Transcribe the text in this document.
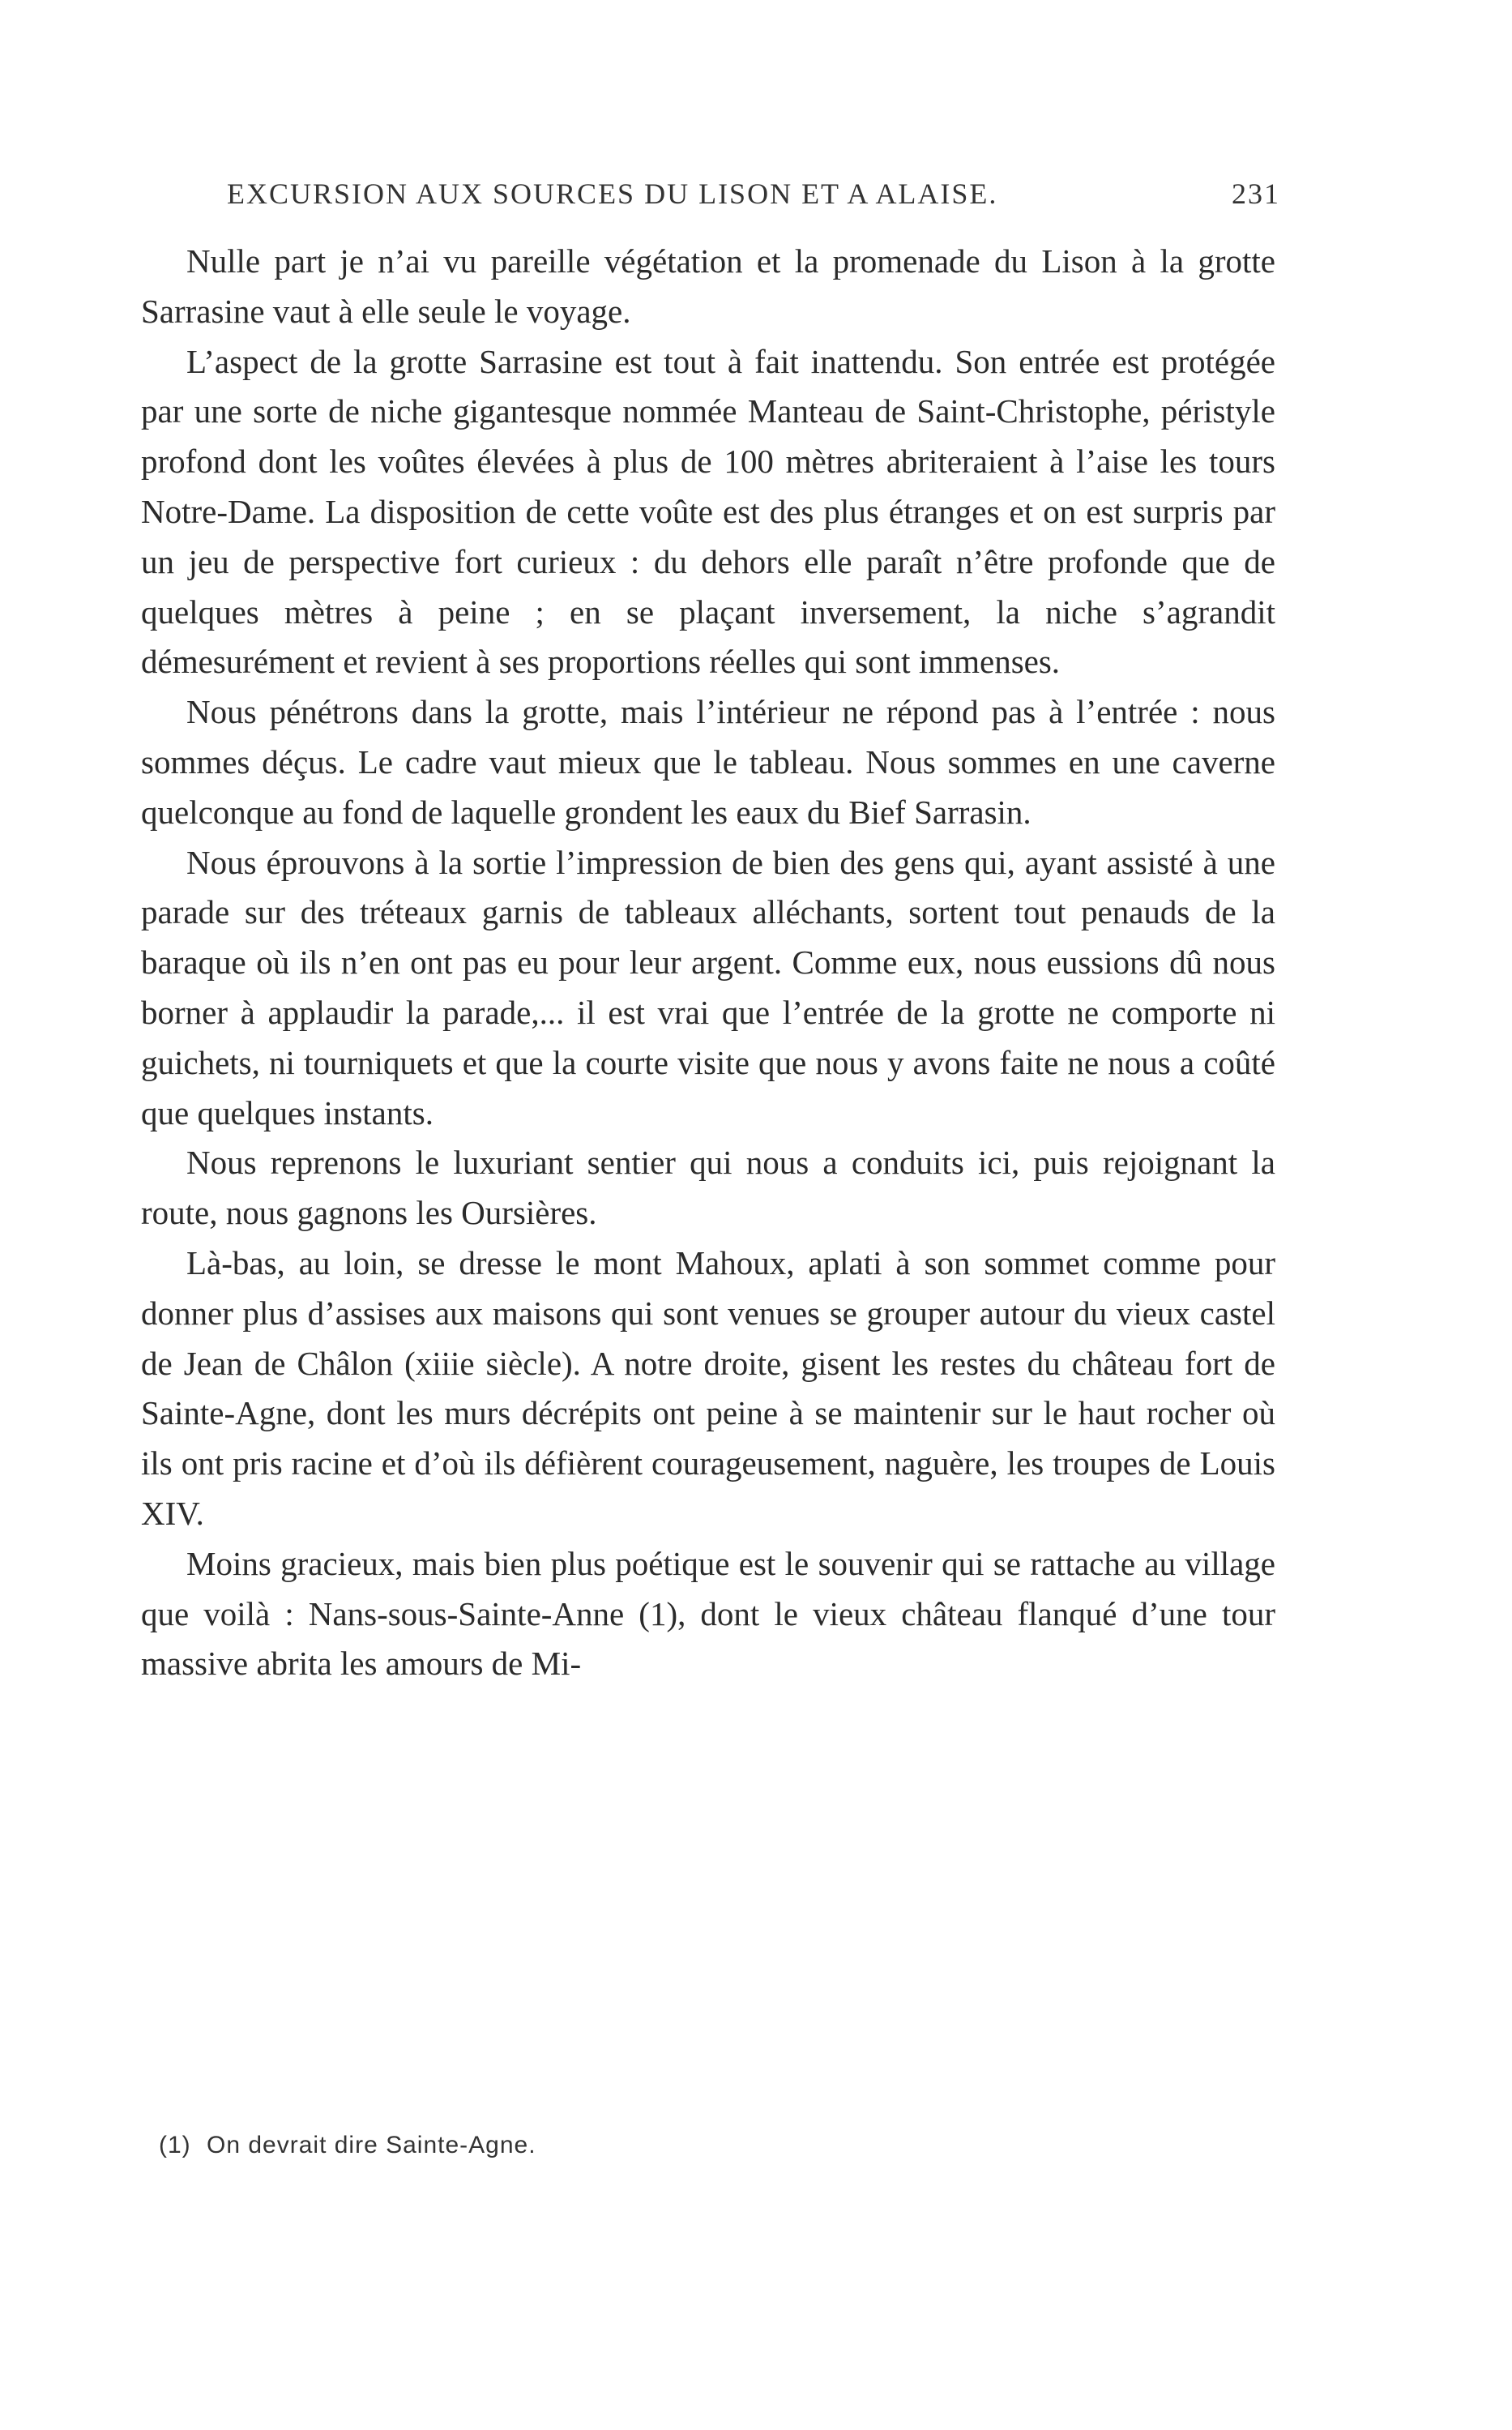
EXCURSION AUX SOURCES DU LISON ET A ALAISE.	231

Nulle part je n’ai vu pareille végétation et la promenade du Lison à la grotte Sarrasine vaut à elle seule le voyage.

L’aspect de la grotte Sarrasine est tout à fait inattendu. Son entrée est protégée par une sorte de niche gigantesque nommée Manteau de Saint-Christophe, péristyle profond dont les voûtes élevées à plus de 100 mètres abriteraient à l’aise les tours Notre-Dame. La disposition de cette voûte est des plus étranges et on est surpris par un jeu de perspective fort curieux : du dehors elle paraît n’être profonde que de quelques mètres à peine ; en se plaçant inversement, la niche s’agrandit démesurément et revient à ses proportions réelles qui sont immenses.

Nous pénétrons dans la grotte, mais l’intérieur ne répond pas à l’entrée : nous sommes déçus. Le cadre vaut mieux que le tableau. Nous sommes en une caverne quelconque au fond de laquelle grondent les eaux du Bief Sarrasin.

Nous éprouvons à la sortie l’impression de bien des gens qui, ayant assisté à une parade sur des tréteaux garnis de tableaux alléchants, sortent tout penauds de la baraque où ils n’en ont pas eu pour leur argent. Comme eux, nous eussions dû nous borner à applaudir la parade,... il est vrai que l’entrée de la grotte ne comporte ni guichets, ni tourniquets et que la courte visite que nous y avons faite ne nous a coûté que quelques instants.

Nous reprenons le luxuriant sentier qui nous a conduits ici, puis rejoignant la route, nous gagnons les Oursières.

Là-bas, au loin, se dresse le mont Mahoux, aplati à son sommet comme pour donner plus d’assises aux maisons qui sont venues se grouper autour du vieux castel de Jean de Châlon (xiiie siècle). A notre droite, gisent les restes du château fort de Sainte-Agne, dont les murs décrépits ont peine à se maintenir sur le haut rocher où ils ont pris racine et d’où ils défièrent courageusement, naguère, les troupes de Louis XIV.

Moins gracieux, mais bien plus poétique est le souvenir qui se rattache au village que voilà : Nans-sous-Sainte-Anne (1), dont le vieux château flanqué d’une tour massive abrita les amours de Mi-

(1) On devrait dire Sainte-Agne.
